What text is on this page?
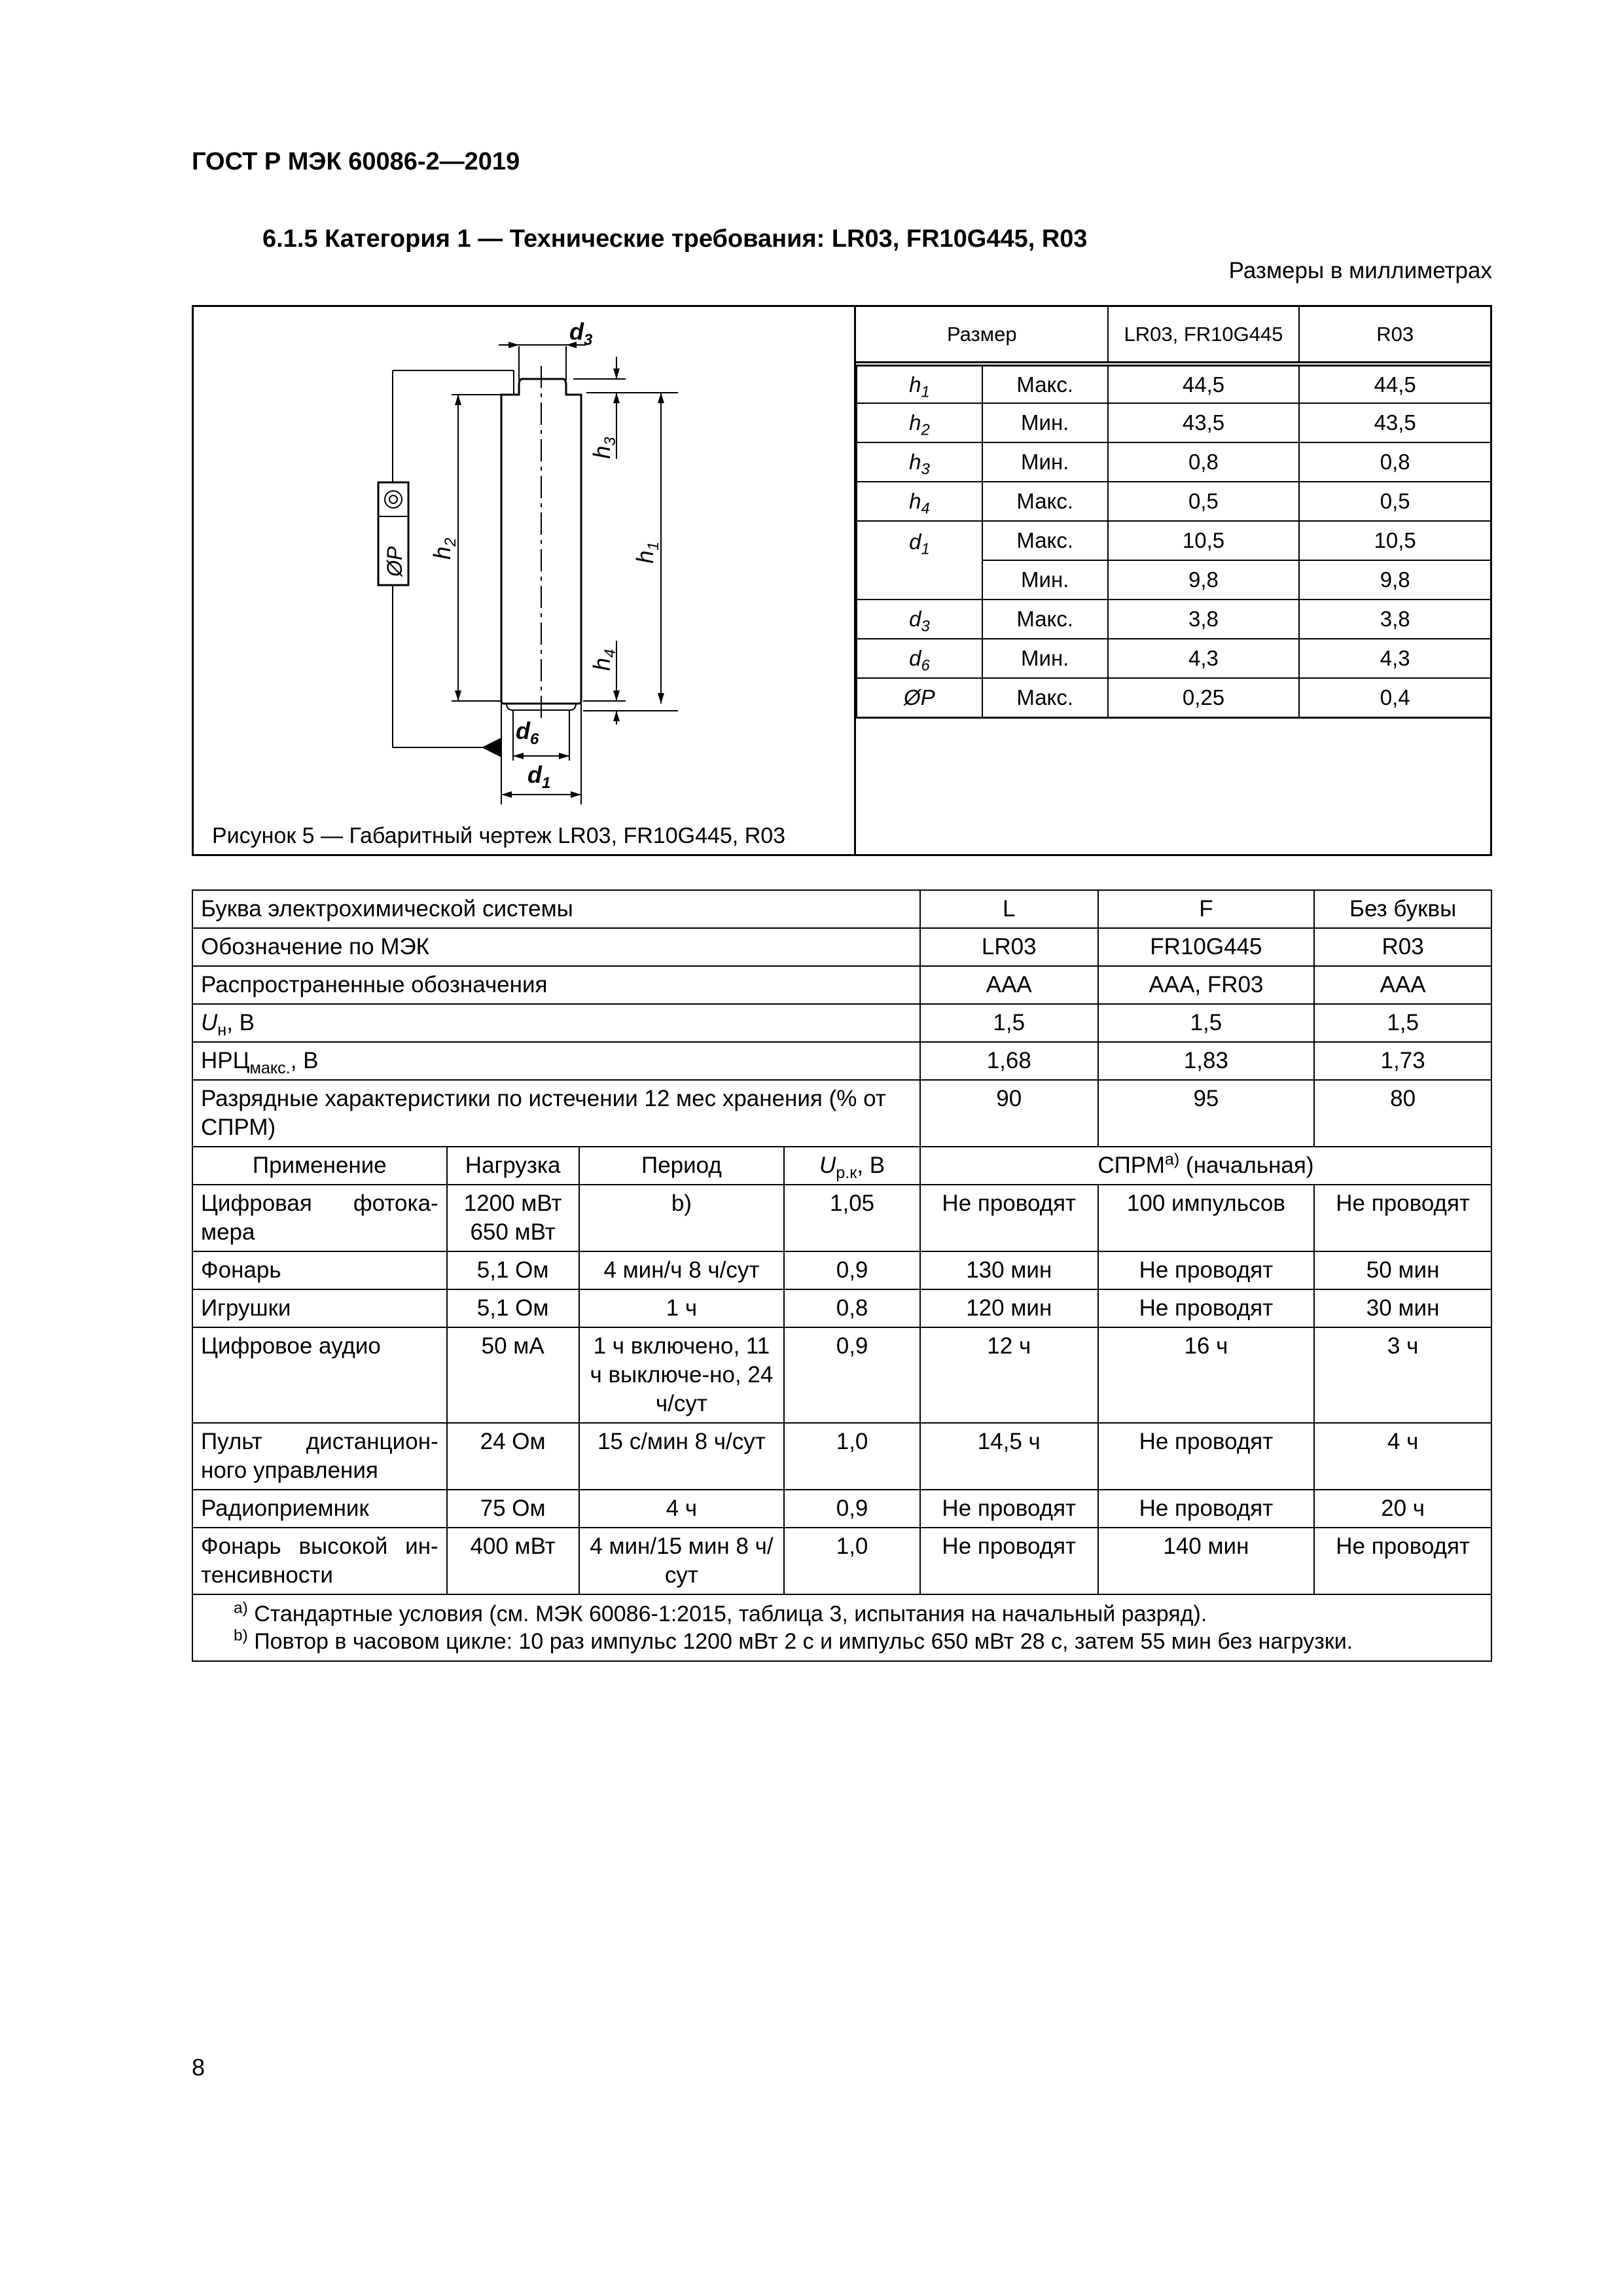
ГОСТ Р МЭК 60086-2—2019
6.1.5 Категория 1 — Технические требования: LR03, FR10G445, R03
Размеры в миллиметрах
$d_3$
$d_6$
$d_1$
$h_3$
$h_1$
$h_2$
$h_4$
ØP
Рисунок 5 — Габаритный чертеж LR03, FR10G445, R03
Размер		LR03, FR10G445	R03
$h_1$	Макс.	44,5	44,5
$h_2$	Мин.	43,5	43,5
$h_3$	Мин.	0,8	0,8
$h_4$	Макс.	0,5	0,5
$d_1$	Макс.	10,5	10,5
	Мин.	9,8	9,8
$d_3$	Макс.	3,8	3,8
$d_6$	Мин.	4,3	4,3
ØP	Макс.	0,25	0,4
Буква электрохимической системы				L	F	Без буквы
Обозначение по МЭК				LR03	FR10G445	R03
Распространенные обозначения				AAA	AAA, FR03	AAA
$U_н$, В				1,5	1,5	1,5
$НРЦ_{макс.}$, В				1,68	1,83	1,73
Разрядные характеристики по истечении 12 мес хранения (% от СПРМ)				90	95	80
Применение	Нагрузка	Период	$U_{р.к}$, В	СПРМ$^{a)}$ (начальная)		
Цифровая фотока-мера	1200 мВт 650 мВт	b)	1,05	Не проводят	100 импульсов	Не проводят
Фонарь	5,1 Ом	4 мин/ч 8 ч/сут	0,9	130 мин	Не проводят	50 мин
Игрушки	5,1 Ом	1 ч	0,8	120 мин	Не проводят	30 мин
Цифровое аудио	50 мА	1 ч включено, 11 ч выключе-но, 24 ч/сут	0,9	12 ч	16 ч	3 ч
Пульт дистанцион-ного управления	24 Ом	15 с/мин 8 ч/сут	1,0	14,5 ч	Не проводят	4 ч
Радиоприемник	75 Ом	4 ч	0,9	Не проводят	Не проводят	20 ч
Фонарь высокой ин-тенсивности	400 мВт	4 мин/15 мин 8 ч/сут	1,0	Не проводят	140 мин	Не проводят

$^{a)}$ Стандартные условия (см. МЭК 60086-1:2015, таблица 3, испытания на начальный разряд).
$^{b)}$ Повтор в часовом цикле: 10 раз импульс 1200 мВт 2 с и импульс 650 мВт 28 с, затем 55 мин без нагрузки.						
8
